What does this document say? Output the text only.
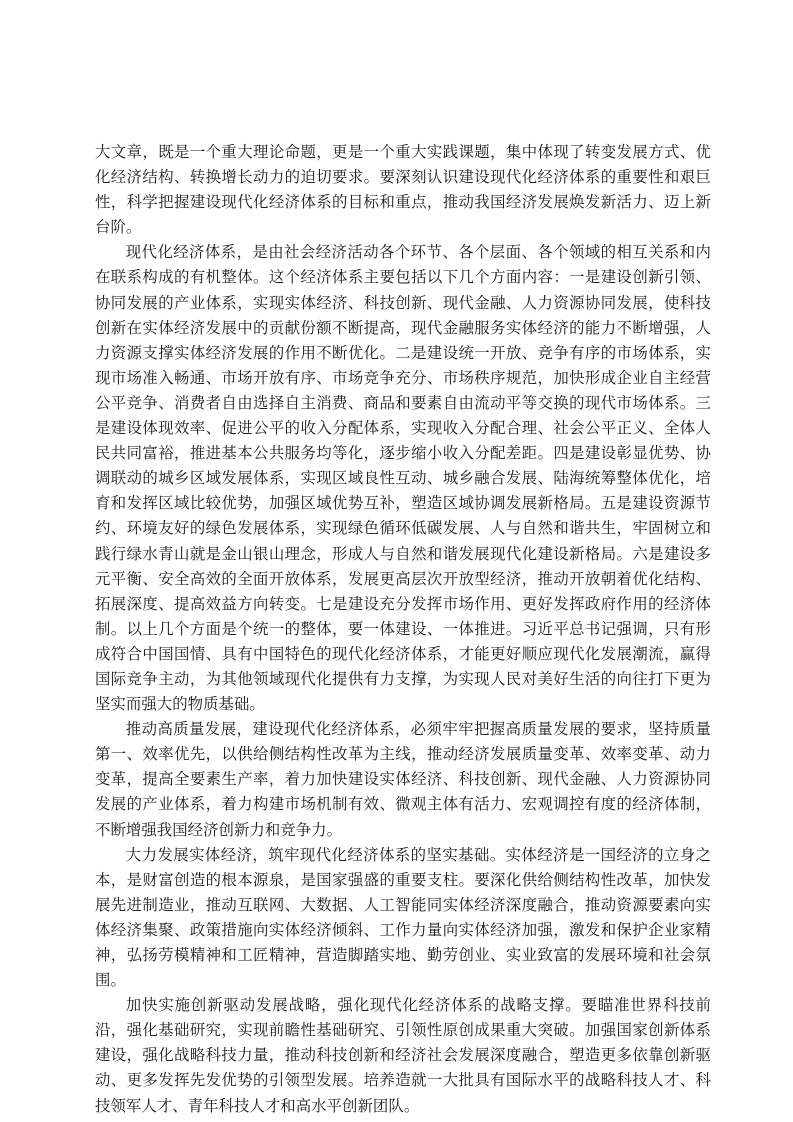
大文章，既是一个重大理论命题，更是一个重大实践课题，集中体现了转变发展方式、优化经济结构、转换增长动力的迫切要求。要深刻认识建设现代化经济体系的重要性和艰巨性，科学把握建设现代化经济体系的目标和重点，推动我国经济发展焕发新活力、迈上新台阶。

现代化经济体系，是由社会经济活动各个环节、各个层面、各个领域的相互关系和内在联系构成的有机整体。这个经济体系主要包括以下几个方面内容：一是建设创新引领、协同发展的产业体系，实现实体经济、科技创新、现代金融、人力资源协同发展，使科技创新在实体经济发展中的贡献份额不断提高，现代金融服务实体经济的能力不断增强，人力资源支撑实体经济发展的作用不断优化。二是建设统一开放、竞争有序的市场体系，实现市场准入畅通、市场开放有序、市场竞争充分、市场秩序规范，加快形成企业自主经营公平竞争、消费者自由选择自主消费、商品和要素自由流动平等交换的现代市场体系。三是建设体现效率、促进公平的收入分配体系，实现收入分配合理、社会公平正义、全体人民共同富裕，推进基本公共服务均等化，逐步缩小收入分配差距。四是建设彰显优势、协调联动的城乡区域发展体系，实现区域良性互动、城乡融合发展、陆海统筹整体优化，培育和发挥区域比较优势，加强区域优势互补，塑造区域协调发展新格局。五是建设资源节约、环境友好的绿色发展体系，实现绿色循环低碳发展、人与自然和谐共生，牢固树立和践行绿水青山就是金山银山理念，形成人与自然和谐发展现代化建设新格局。六是建设多元平衡、安全高效的全面开放体系，发展更高层次开放型经济，推动开放朝着优化结构、拓展深度、提高效益方向转变。七是建设充分发挥市场作用、更好发挥政府作用的经济体制。以上几个方面是个统一的整体，要一体建设、一体推进。习近平总书记强调，只有形成符合中国国情、具有中国特色的现代化经济体系，才能更好顺应现代化发展潮流，赢得国际竞争主动，为其他领域现代化提供有力支撑，为实现人民对美好生活的向往打下更为坚实而强大的物质基础。

推动高质量发展，建设现代化经济体系，必须牢牢把握高质量发展的要求，坚持质量第一、效率优先，以供给侧结构性改革为主线，推动经济发展质量变革、效率变革、动力变革，提高全要素生产率，着力加快建设实体经济、科技创新、现代金融、人力资源协同发展的产业体系，着力构建市场机制有效、微观主体有活力、宏观调控有度的经济体制，不断增强我国经济创新力和竞争力。

大力发展实体经济，筑牢现代化经济体系的坚实基础。实体经济是一国经济的立身之本，是财富创造的根本源泉，是国家强盛的重要支柱。要深化供给侧结构性改革，加快发展先进制造业，推动互联网、大数据、人工智能同实体经济深度融合，推动资源要素向实体经济集聚、政策措施向实体经济倾斜、工作力量向实体经济加强，激发和保护企业家精神，弘扬劳模精神和工匠精神，营造脚踏实地、勤劳创业、实业致富的发展环境和社会氛围。

加快实施创新驱动发展战略，强化现代化经济体系的战略支撑。要瞄准世界科技前沿，强化基础研究，实现前瞻性基础研究、引领性原创成果重大突破。加强国家创新体系建设，强化战略科技力量，推动科技创新和经济社会发展深度融合，塑造更多依靠创新驱动、更多发挥先发优势的引领型发展。培养造就一大批具有国际水平的战略科技人才、科技领军人才、青年科技人才和高水平创新团队。
